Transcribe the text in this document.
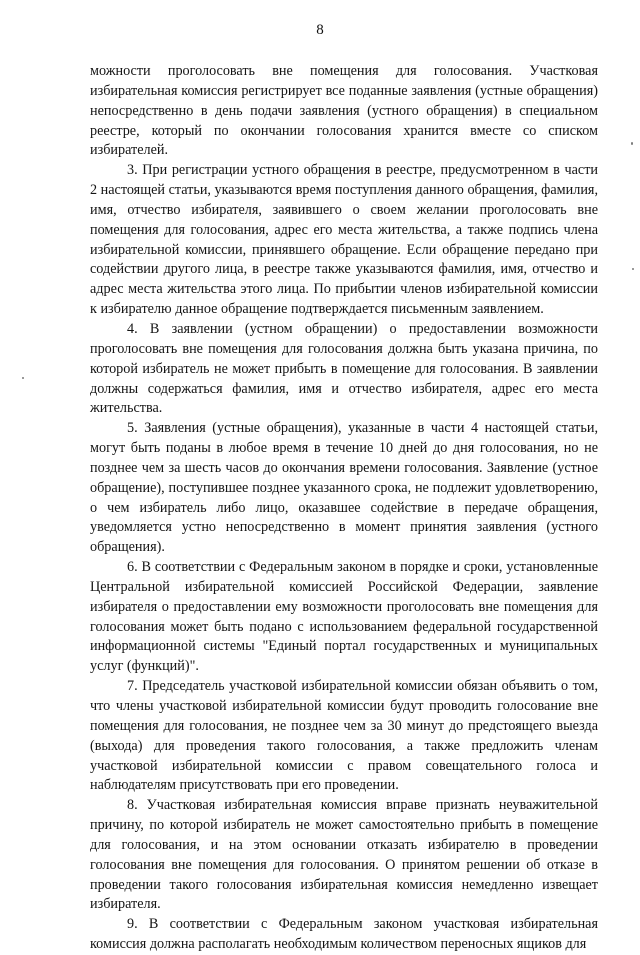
8

можности проголосовать вне помещения для голосования. Участковая избирательная комиссия регистрирует все поданные заявления (устные обращения) непосредственно в день подачи заявления (устного обращения) в специальном реестре, который по окончании голосования хранится вместе со списком избирателей.

3. При регистрации устного обращения в реестре, предусмотренном в части 2 настоящей статьи, указываются время поступления данного обращения, фамилия, имя, отчество избирателя, заявившего о своем желании проголосовать вне помещения для голосования, адрес его места жительства, а также подпись члена избирательной комиссии, принявшего обращение. Если обращение передано при содействии другого лица, в реестре также указываются фамилия, имя, отчество и адрес места жительства этого лица. По прибытии членов избирательной комиссии к избирателю данное обращение подтверждается письменным заявлением.

4. В заявлении (устном обращении) о предоставлении возможности проголосовать вне помещения для голосования должна быть указана причина, по которой избиратель не может прибыть в помещение для голосования. В заявлении должны содержаться фамилия, имя и отчество избирателя, адрес его места жительства.

5. Заявления (устные обращения), указанные в части 4 настоящей статьи, могут быть поданы в любое время в течение 10 дней до дня голосования, но не позднее чем за шесть часов до окончания времени голосования. Заявление (устное обращение), поступившее позднее указанного срока, не подлежит удовлетворению, о чем избиратель либо лицо, оказавшее содействие в передаче обращения, уведомляется устно непосредственно в момент принятия заявления (устного обращения).

6. В соответствии с Федеральным законом в порядке и сроки, установленные Центральной избирательной комиссией Российской Федерации, заявление избирателя о предоставлении ему возможности проголосовать вне помещения для голосования может быть подано с использованием федеральной государственной информационной системы "Единый портал государственных и муниципальных услуг (функций)".

7. Председатель участковой избирательной комиссии обязан объявить о том, что члены участковой избирательной комиссии будут проводить голосование вне помещения для голосования, не позднее чем за 30 минут до предстоящего выезда (выхода) для проведения такого голосования, а также предложить членам участковой избирательной комиссии с правом совещательного голоса и наблюдателям присутствовать при его проведении.

8. Участковая избирательная комиссия вправе признать неуважительной причину, по которой избиратель не может самостоятельно прибыть в помещение для голосования, и на этом основании отказать избирателю в проведении голосования вне помещения для голосования. О принятом решении об отказе в проведении такого голосования избирательная комиссия немедленно извещает избирателя.

9. В соответствии с Федеральным законом участковая избирательная комиссия должна располагать необходимым количеством переносных ящиков для
